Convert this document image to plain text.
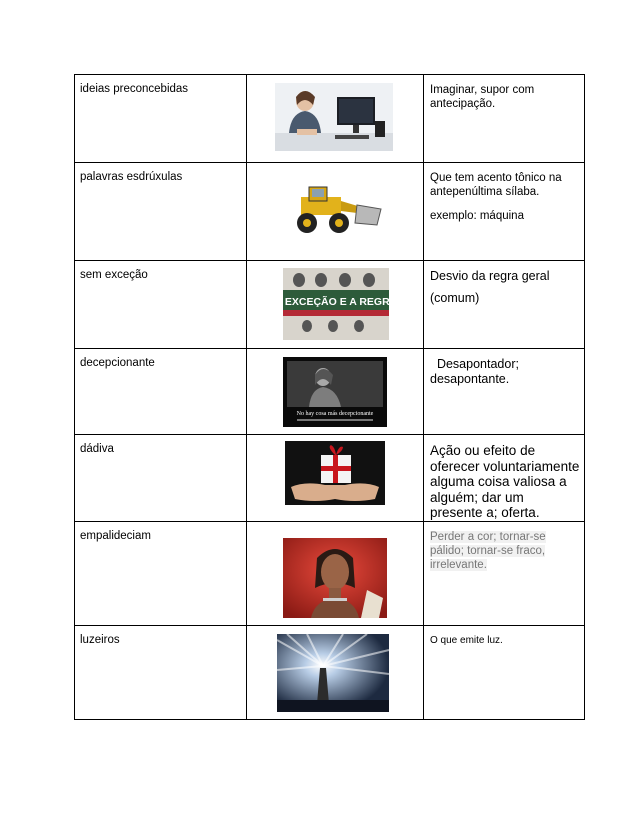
ideias preconcebidas		Imaginar, supor com antecipação.

palavras esdrúxulas		Que tem acento tônico na antepenúltima sílaba.

exemplo: máquina

sem exceção	A EXCEÇÃO E A REGRA	Desvio da regra geral

(comum)

decepcionante	No hay cosa más decepcionante	Desapontador; desapontante.

dádiva		Ação ou efeito de oferecer voluntariamente alguma coisa valiosa a alguém; dar um presente a; oferta.

empalideciam		Perder a cor; tornar-se pálido; tornar-se fraco, irrelevante.

luzeiros		O que emite luz.
